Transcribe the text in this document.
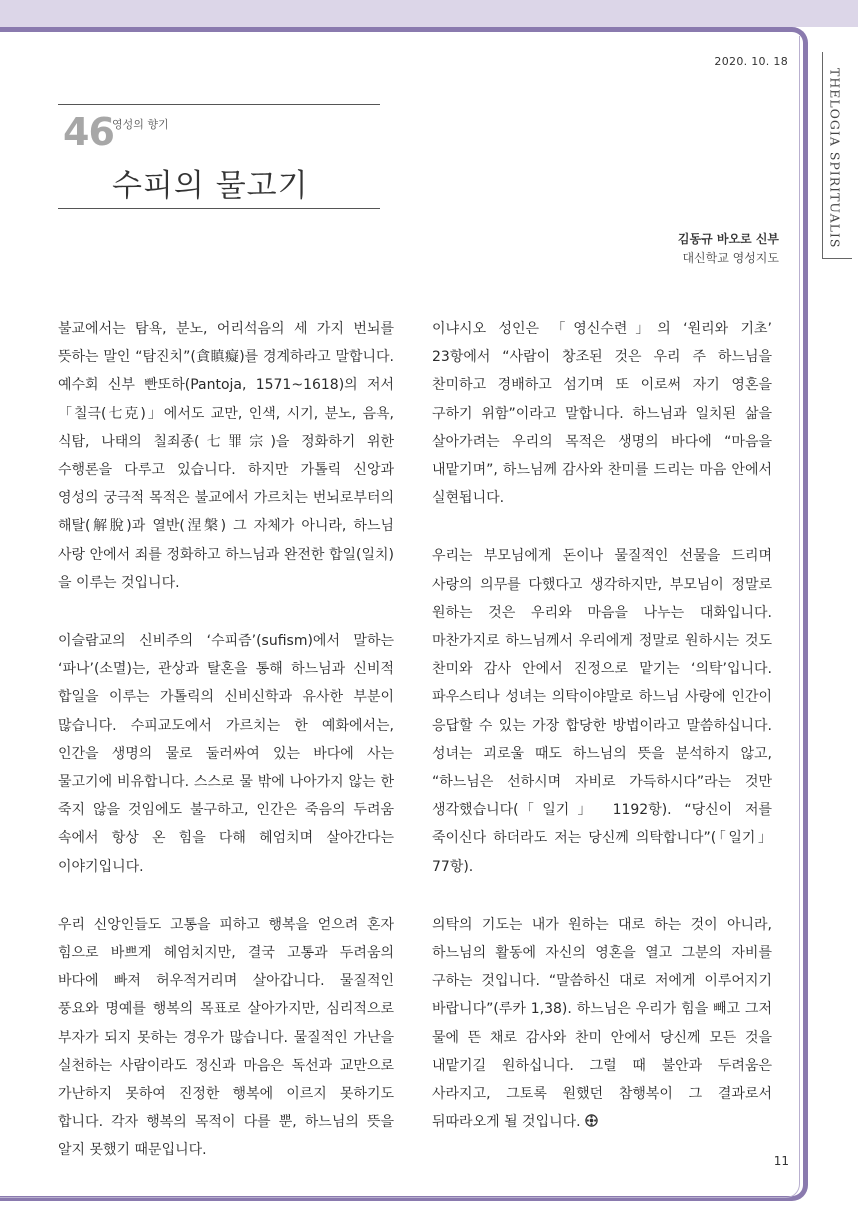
2020. 10. 18
THELOGIA SPIRITUALIS
46
영성의 향기
수피의 물고기
김동규 바오로 신부
대신학교 영성지도

불교에서는 탐욕, 분노, 어리석음의 세 가지 번뇌를 뜻하는 말인 “탐진치”(貪瞋癡)를 경계하라고 말합니다. 예수회 신부 빤또하(Pantoja, 1571~1618)의 저서 「칠극(七克)」에서도 교만, 인색, 시기, 분노, 음욕, 식탐, 나태의 칠죄종(七罪宗)을 정화하기 위한 수행론을 다루고 있습니다. 하지만 가톨릭 신앙과 영성의 궁극적 목적은 불교에서 가르치는 번뇌로부터의 해탈(解脫)과 열반(涅槃) 그 자체가 아니라, 하느님 사랑 안에서 죄를 정화하고 하느님과 완전한 합일(일치)을 이루는 것입니다.

이슬람교의 신비주의 ‘수피즘’(sufism)에서 말하는 ‘파나’(소멸)는, 관상과 탈혼을 통해 하느님과 신비적 합일을 이루는 가톨릭의 신비신학과 유사한 부분이 많습니다. 수피교도에서 가르치는 한 예화에서는, 인간을 생명의 물로 둘러싸여 있는 바다에 사는 물고기에 비유합니다. 스스로 물 밖에 나아가지 않는 한 죽지 않을 것임에도 불구하고, 인간은 죽음의 두려움 속에서 항상 온 힘을 다해 헤엄치며 살아간다는 이야기입니다.

우리 신앙인들도 고통을 피하고 행복을 얻으려 혼자 힘으로 바쁘게 헤엄치지만, 결국 고통과 두려움의 바다에 빠져 허우적거리며 살아갑니다. 물질적인 풍요와 명예를 행복의 목표로 살아가지만, 심리적으로 부자가 되지 못하는 경우가 많습니다. 물질적인 가난을 실천하는 사람이라도 정신과 마음은 독선과 교만으로 가난하지 못하여 진정한 행복에 이르지 못하기도 합니다. 각자 행복의 목적이 다를 뿐, 하느님의 뜻을 알지 못했기 때문입니다.

이냐시오 성인은 「영신수련」의 ‘원리와 기초’ 23항에서 “사람이 창조된 것은 우리 주 하느님을 찬미하고 경배하고 섬기며 또 이로써 자기 영혼을 구하기 위함”이라고 말합니다. 하느님과 일치된 삶을 살아가려는 우리의 목적은 생명의 바다에 “마음을 내맡기며”, 하느님께 감사와 찬미를 드리는 마음 안에서 실현됩니다.

우리는 부모님에게 돈이나 물질적인 선물을 드리며 사랑의 의무를 다했다고 생각하지만, 부모님이 정말로 원하는 것은 우리와 마음을 나누는 대화입니다. 마찬가지로 하느님께서 우리에게 정말로 원하시는 것도 찬미와 감사 안에서 진정으로 맡기는 ‘의탁’입니다. 파우스티나 성녀는 의탁이야말로 하느님 사랑에 인간이 응답할 수 있는 가장 합당한 방법이라고 말씀하십니다. 성녀는 괴로울 때도 하느님의 뜻을 분석하지 않고, “하느님은 선하시며 자비로 가득하시다”라는 것만 생각했습니다(「일기」 1192항). “당신이 저를 죽이신다 하더라도 저는 당신께 의탁합니다”(「일기」 77항).

의탁의 기도는 내가 원하는 대로 하는 것이 아니라, 하느님의 활동에 자신의 영혼을 열고 그분의 자비를 구하는 것입니다. “말씀하신 대로 저에게 이루어지기 바랍니다”(루카 1,38). 하느님은 우리가 힘을 빼고 그저 물에 뜬 채로 감사와 찬미 안에서 당신께 모든 것을 내맡기길 원하십니다. 그럴 때 불안과 두려움은 사라지고, 그토록 원했던 참행복이 그 결과로서 뒤따라오게 될 것입니다.

11
